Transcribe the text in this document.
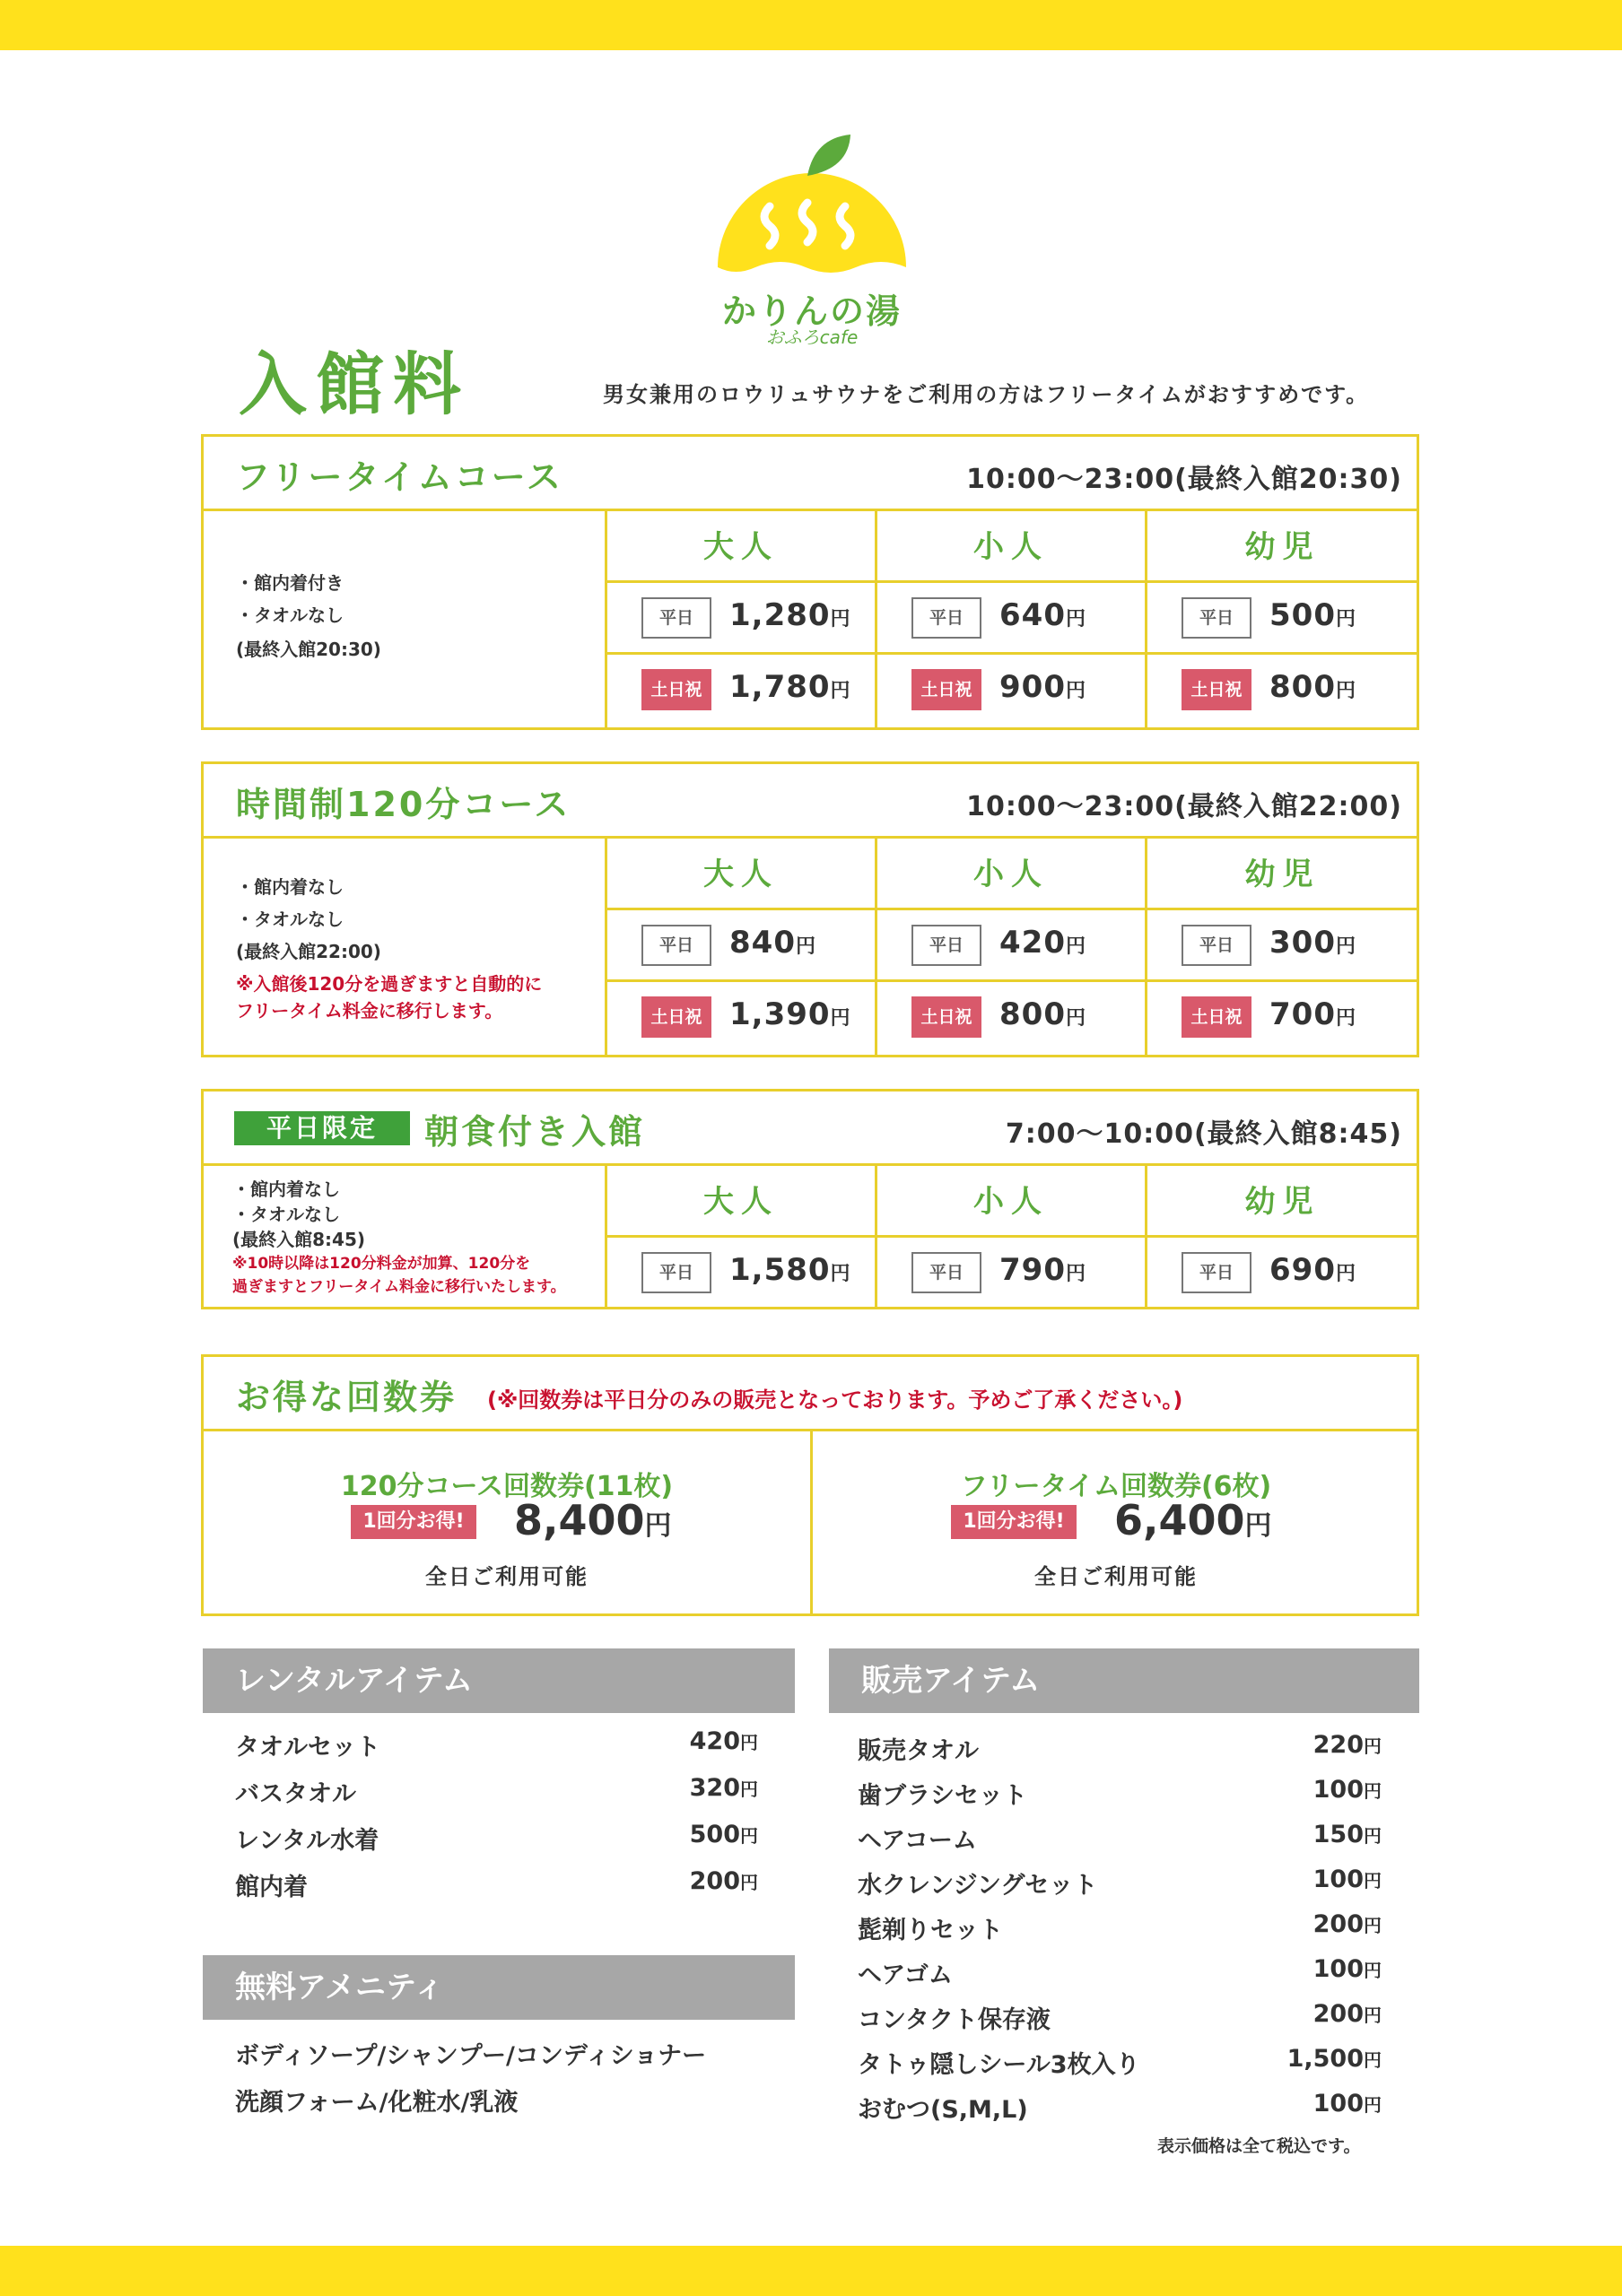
かりんの湯
おふろcafe
入館料	男女兼用のロウリュサウナをご利用の方はフリータイムがおすすめです。
フリータイムコース	10:00〜23:00(最終入館20:30)
・館内着付き
・タオルなし
(最終入館20:30)
大人
平日	1,280円
土日祝 1,780円
小人
平日	640円
土日祝 900円
幼児
平日	500円
土日祝 800円
時間制120分コース	10:00〜23:00(最終入館22:00)
・館内着なし
・タオルなし
(最終入館22:00)
※入館後120分を過ぎますと自動的に
フリータイム料金に移行します。
大人
平日	840円
土日祝 1,390円
小人
平日	420円
土日祝 800円
幼児
平日	300円
土日祝 700円
平日限定	朝食付き入館	7:00〜10:00(最終入館8:45)
・館内着なし
・タオルなし
(最終入館8:45)
※10時以降は120分料金が加算、120分を
過ぎますとフリータイム料金に移行いたします。
大人
平日	1,580円
小人
平日	790円
幼児
平日	690円
お得な回数券 (※回数券は平日分のみの販売となっております。予めご了承ください。)
120分コース回数券(11枚)
1回分お得! 8,400円
全日ご利用可能
フリータイム回数券(6枚)
1回分お得! 6,400円
全日ご利用可能
レンタルアイテム
タオルセット	420円
バスタオル	320円
レンタル水着	500円
館内着	200円
無料アメニティ
ボディソープ/シャンプー/コンディショナー
洗顔フォーム/化粧水/乳液
販売アイテム
販売タオル	220円
歯ブラシセット	100円
ヘアコーム	150円
水クレンジングセット	100円
髭剃りセット	200円
ヘアゴム	100円
コンタクト保存液	200円
タトゥ隠しシール3枚入り	1,500円
おむつ(S,M,L)	100円
表示価格は全て税込です。
